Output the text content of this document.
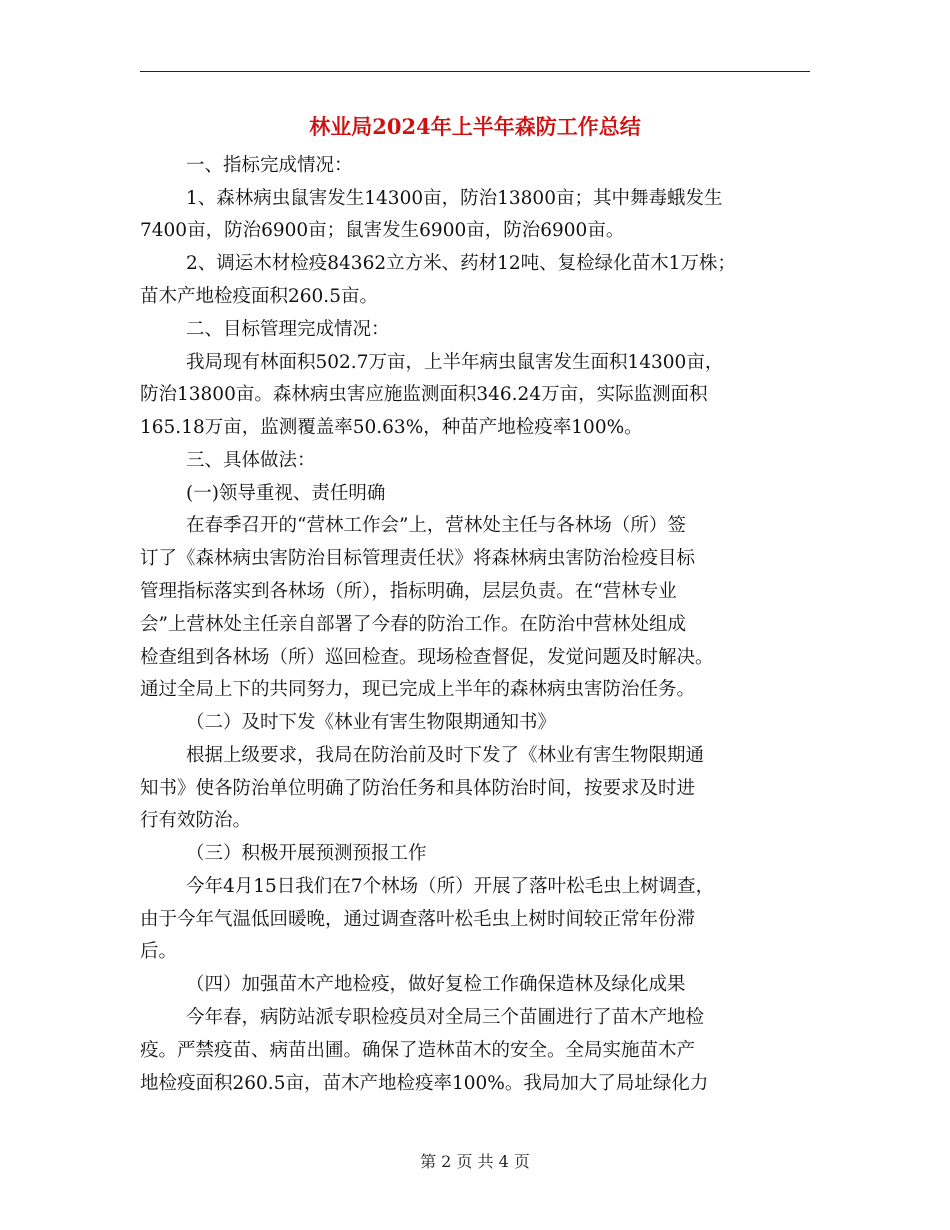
林业局2024年上半年森防工作总结
一、指标完成情况：
1、森林病虫鼠害发生14300亩，防治13800亩；其中舞毒蛾发生
7400亩，防治6900亩；鼠害发生6900亩，防治6900亩。
2、调运木材检疫84362立方米、药材12吨、复检绿化苗木1万株；
苗木产地检疫面积260.5亩。
二、目标管理完成情况：
我局现有林面积502.7万亩，上半年病虫鼠害发生面积14300亩，
防治13800亩。森林病虫害应施监测面积346.24万亩，实际监测面积
165.18万亩，监测覆盖率50.63%，种苗产地检疫率100%。
三、具体做法：
(一)领导重视、责任明确
在春季召开的“营林工作会”上，营林处主任与各林场（所）签
订了《森林病虫害防治目标管理责任状》将森林病虫害防治检疫目标
管理指标落实到各林场（所），指标明确，层层负责。在“营林专业
会”上营林处主任亲自部署了今春的防治工作。在防治中营林处组成
检查组到各林场（所）巡回检查。现场检查督促，发觉问题及时解决。
通过全局上下的共同努力，现已完成上半年的森林病虫害防治任务。
（二）及时下发《林业有害生物限期通知书》
根据上级要求，我局在防治前及时下发了《林业有害生物限期通
知书》使各防治单位明确了防治任务和具体防治时间，按要求及时进
行有效防治。
（三）积极开展预测预报工作
今年4月15日我们在7个林场（所）开展了落叶松毛虫上树调查，
由于今年气温低回暖晚，通过调查落叶松毛虫上树时间较正常年份滞
后。
（四）加强苗木产地检疫，做好复检工作确保造林及绿化成果
今年春，病防站派专职检疫员对全局三个苗圃进行了苗木产地检
疫。严禁疫苗、病苗出圃。确保了造林苗木的安全。全局实施苗木产
地检疫面积260.5亩，苗木产地检疫率100%。我局加大了局址绿化力
第 2 页 共 4 页
